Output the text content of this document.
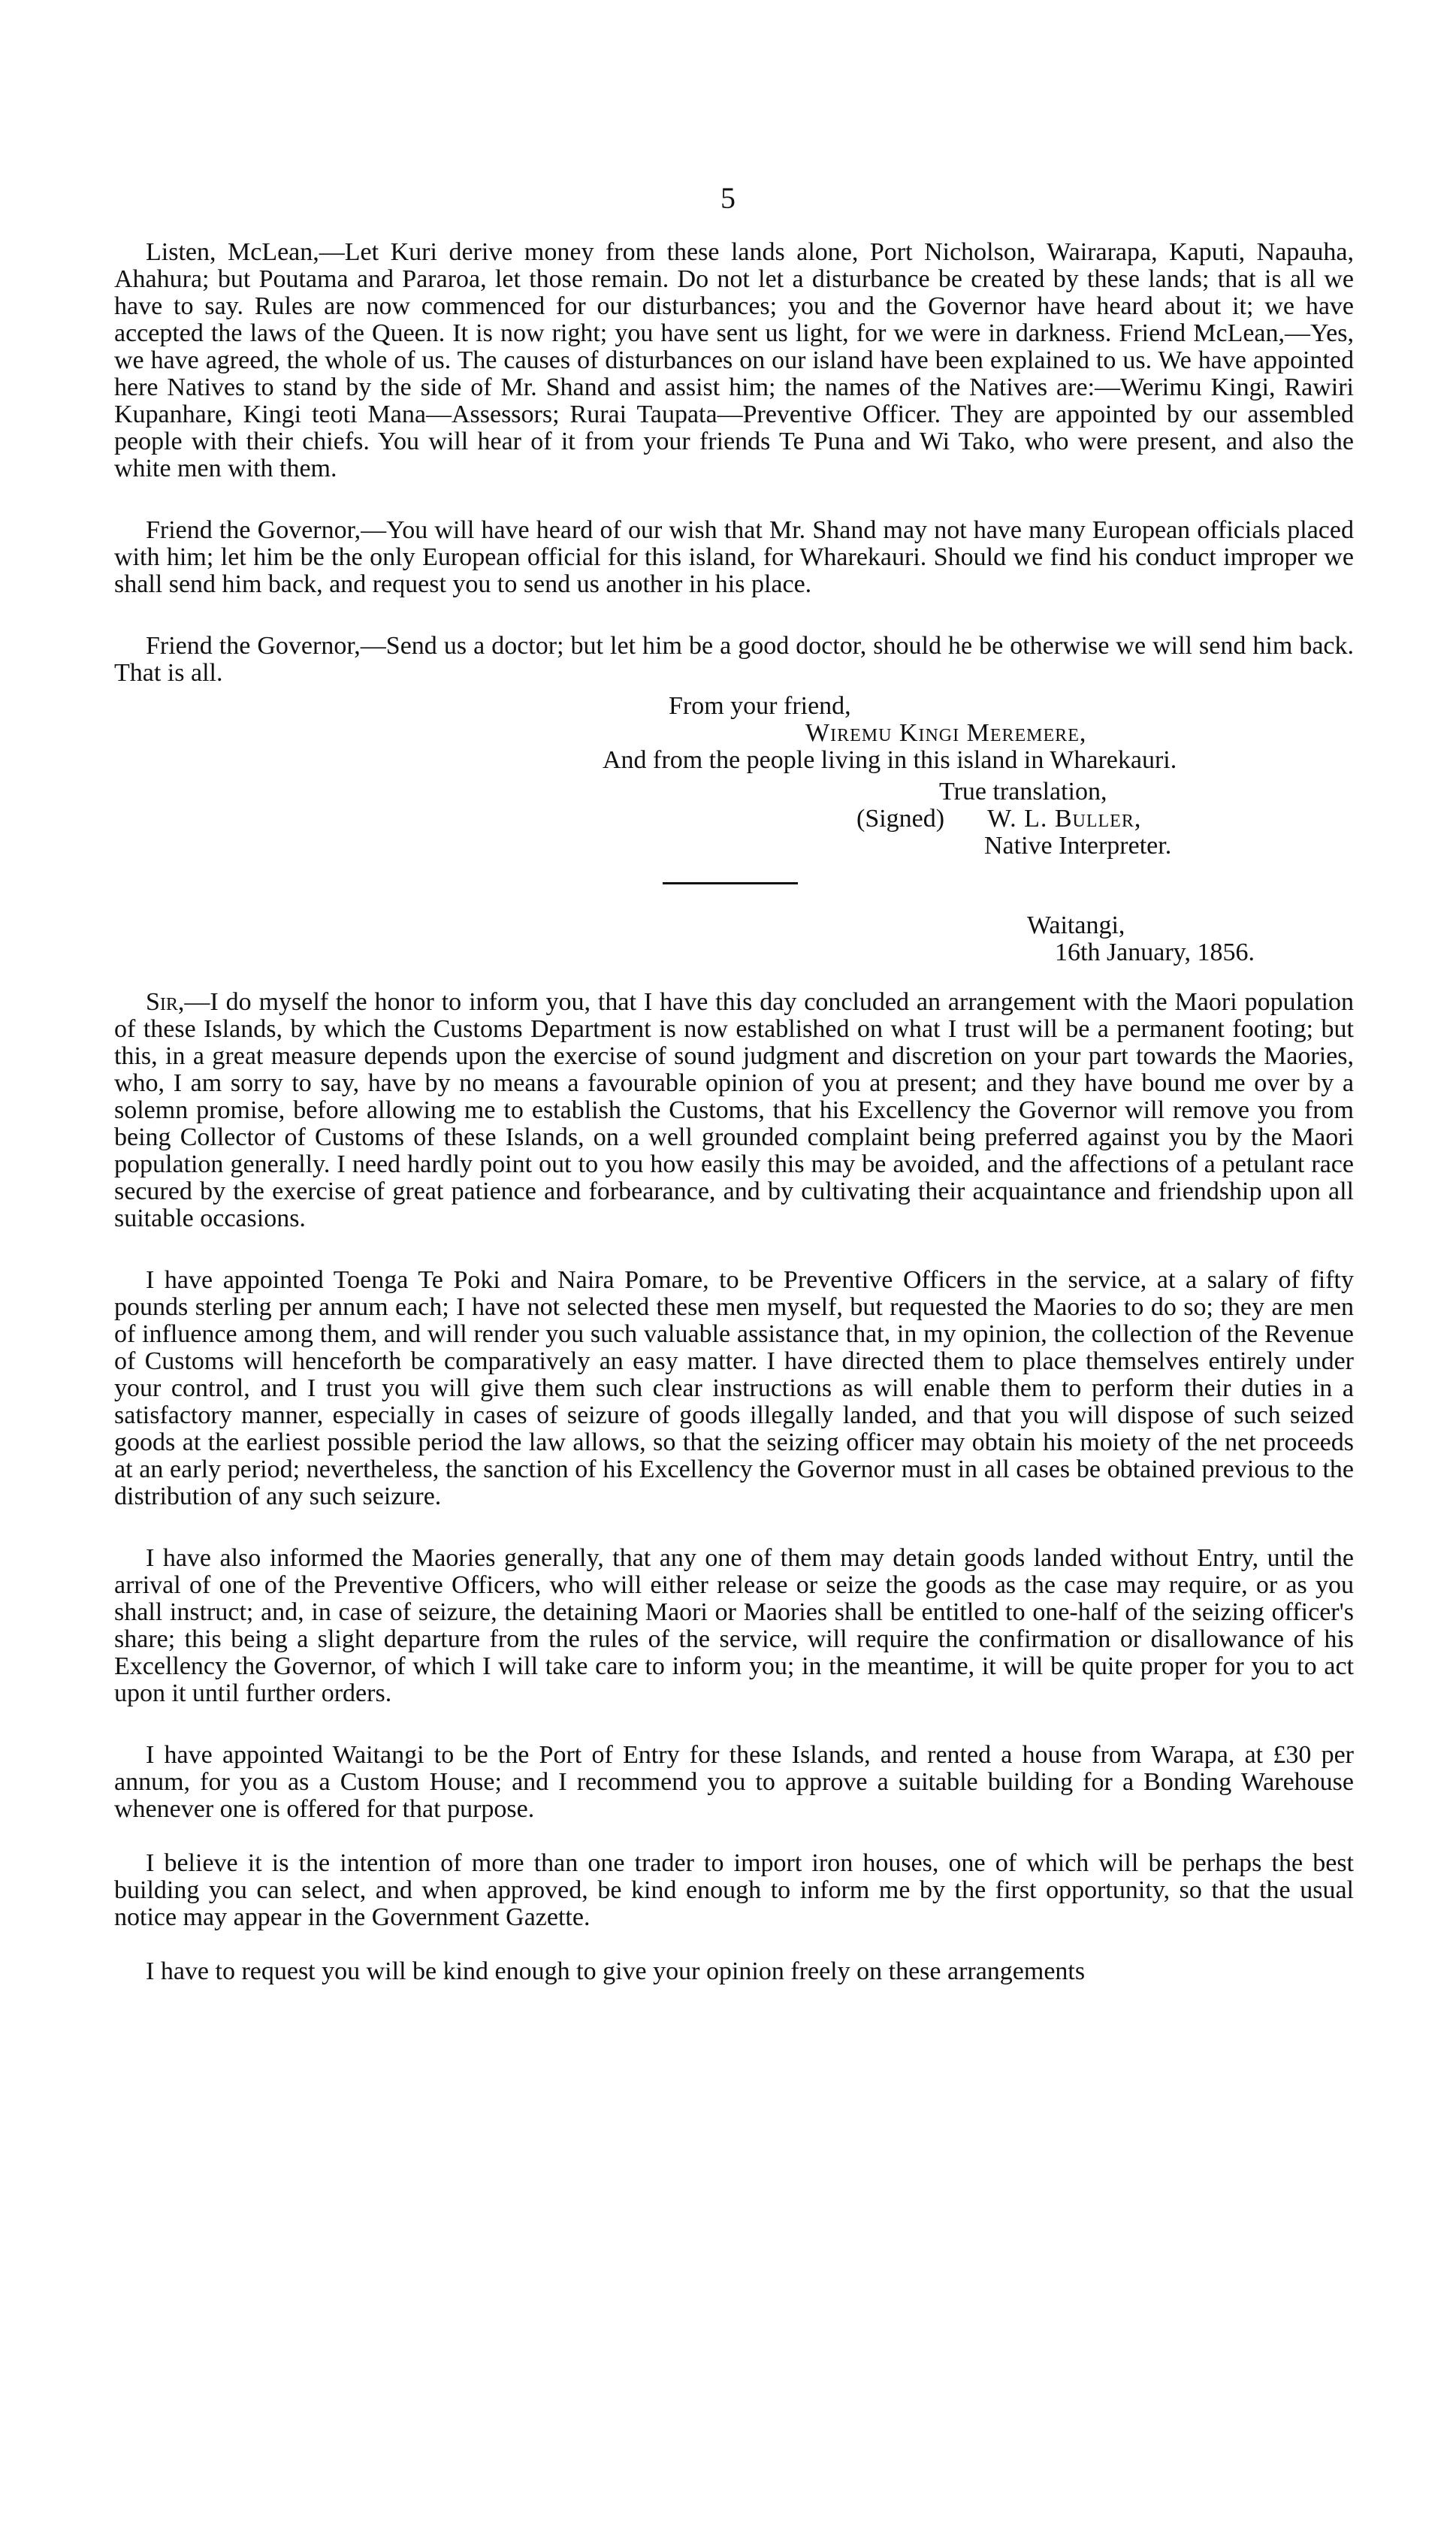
5

Listen, McLean,—Let Kuri derive money from these lands alone, Port Nicholson, Wairarapa, Kaputi, Napauha, Ahahura; but Poutama and Pararoa, let those remain. Do not let a disturbance be created by these lands; that is all we have to say. Rules are now commenced for our disturbances; you and the Governor have heard about it; we have accepted the laws of the Queen. It is now right; you have sent us light, for we were in darkness. Friend McLean,—Yes, we have agreed, the whole of us. The causes of disturbances on our island have been explained to us. We have appointed here Natives to stand by the side of Mr. Shand and assist him; the names of the Natives are:—Werimu Kingi, Rawiri Kupanhare, Kingi teoti Mana—Assessors; Rurai Taupata—Preventive Officer. They are appointed by our assembled people with their chiefs. You will hear of it from your friends Te Puna and Wi Tako, who were present, and also the white men with them.

Friend the Governor,—You will have heard of our wish that Mr. Shand may not have many European officials placed with him; let him be the only European official for this island, for Wharekauri. Should we find his conduct improper we shall send him back, and request you to send us another in his place.

Friend the Governor,—Send us a doctor; but let him be a good doctor, should he be otherwise we will send him back. That is all.

From your friend,

Wiremu Kingi Meremere,

And from the people living in this island in Wharekauri.

True translation,

(Signed) W. L. Buller,

Native Interpreter.

Waitangi,

16th January, 1856.

Sir,—I do myself the honor to inform you, that I have this day concluded an arrangement with the Maori population of these Islands, by which the Customs Department is now established on what I trust will be a permanent footing; but this, in a great measure depends upon the exercise of sound judgment and discretion on your part towards the Maories, who, I am sorry to say, have by no means a favourable opinion of you at present; and they have bound me over by a solemn promise, before allowing me to establish the Customs, that his Excellency the Governor will remove you from being Collector of Customs of these Islands, on a well grounded complaint being preferred against you by the Maori population generally. I need hardly point out to you how easily this may be avoided, and the affections of a petulant race secured by the exercise of great patience and forbearance, and by cultivating their acquaintance and friendship upon all suitable occasions.

I have appointed Toenga Te Poki and Naira Pomare, to be Preventive Officers in the service, at a salary of fifty pounds sterling per annum each; I have not selected these men myself, but requested the Maories to do so; they are men of influence among them, and will render you such valuable assistance that, in my opinion, the collection of the Revenue of Customs will henceforth be comparatively an easy matter. I have directed them to place themselves entirely under your control, and I trust you will give them such clear instructions as will enable them to perform their duties in a satisfactory manner, especially in cases of seizure of goods illegally landed, and that you will dispose of such seized goods at the earliest possible period the law allows, so that the seizing officer may obtain his moiety of the net proceeds at an early period; nevertheless, the sanction of his Excellency the Governor must in all cases be obtained previous to the distribution of any such seizure.

I have also informed the Maories generally, that any one of them may detain goods landed without Entry, until the arrival of one of the Preventive Officers, who will either release or seize the goods as the case may require, or as you shall instruct; and, in case of seizure, the detaining Maori or Maories shall be entitled to one-half of the seizing officer's share; this being a slight departure from the rules of the service, will require the confirmation or disallowance of his Excellency the Governor, of which I will take care to inform you; in the meantime, it will be quite proper for you to act upon it until further orders.

I have appointed Waitangi to be the Port of Entry for these Islands, and rented a house from Warapa, at £30 per annum, for you as a Custom House; and I recommend you to approve a suitable building for a Bonding Warehouse whenever one is offered for that purpose.

I believe it is the intention of more than one trader to import iron houses, one of which will be perhaps the best building you can select, and when approved, be kind enough to inform me by the first opportunity, so that the usual notice may appear in the Government Gazette.

I have to request you will be kind enough to give your opinion freely on these arrangements
